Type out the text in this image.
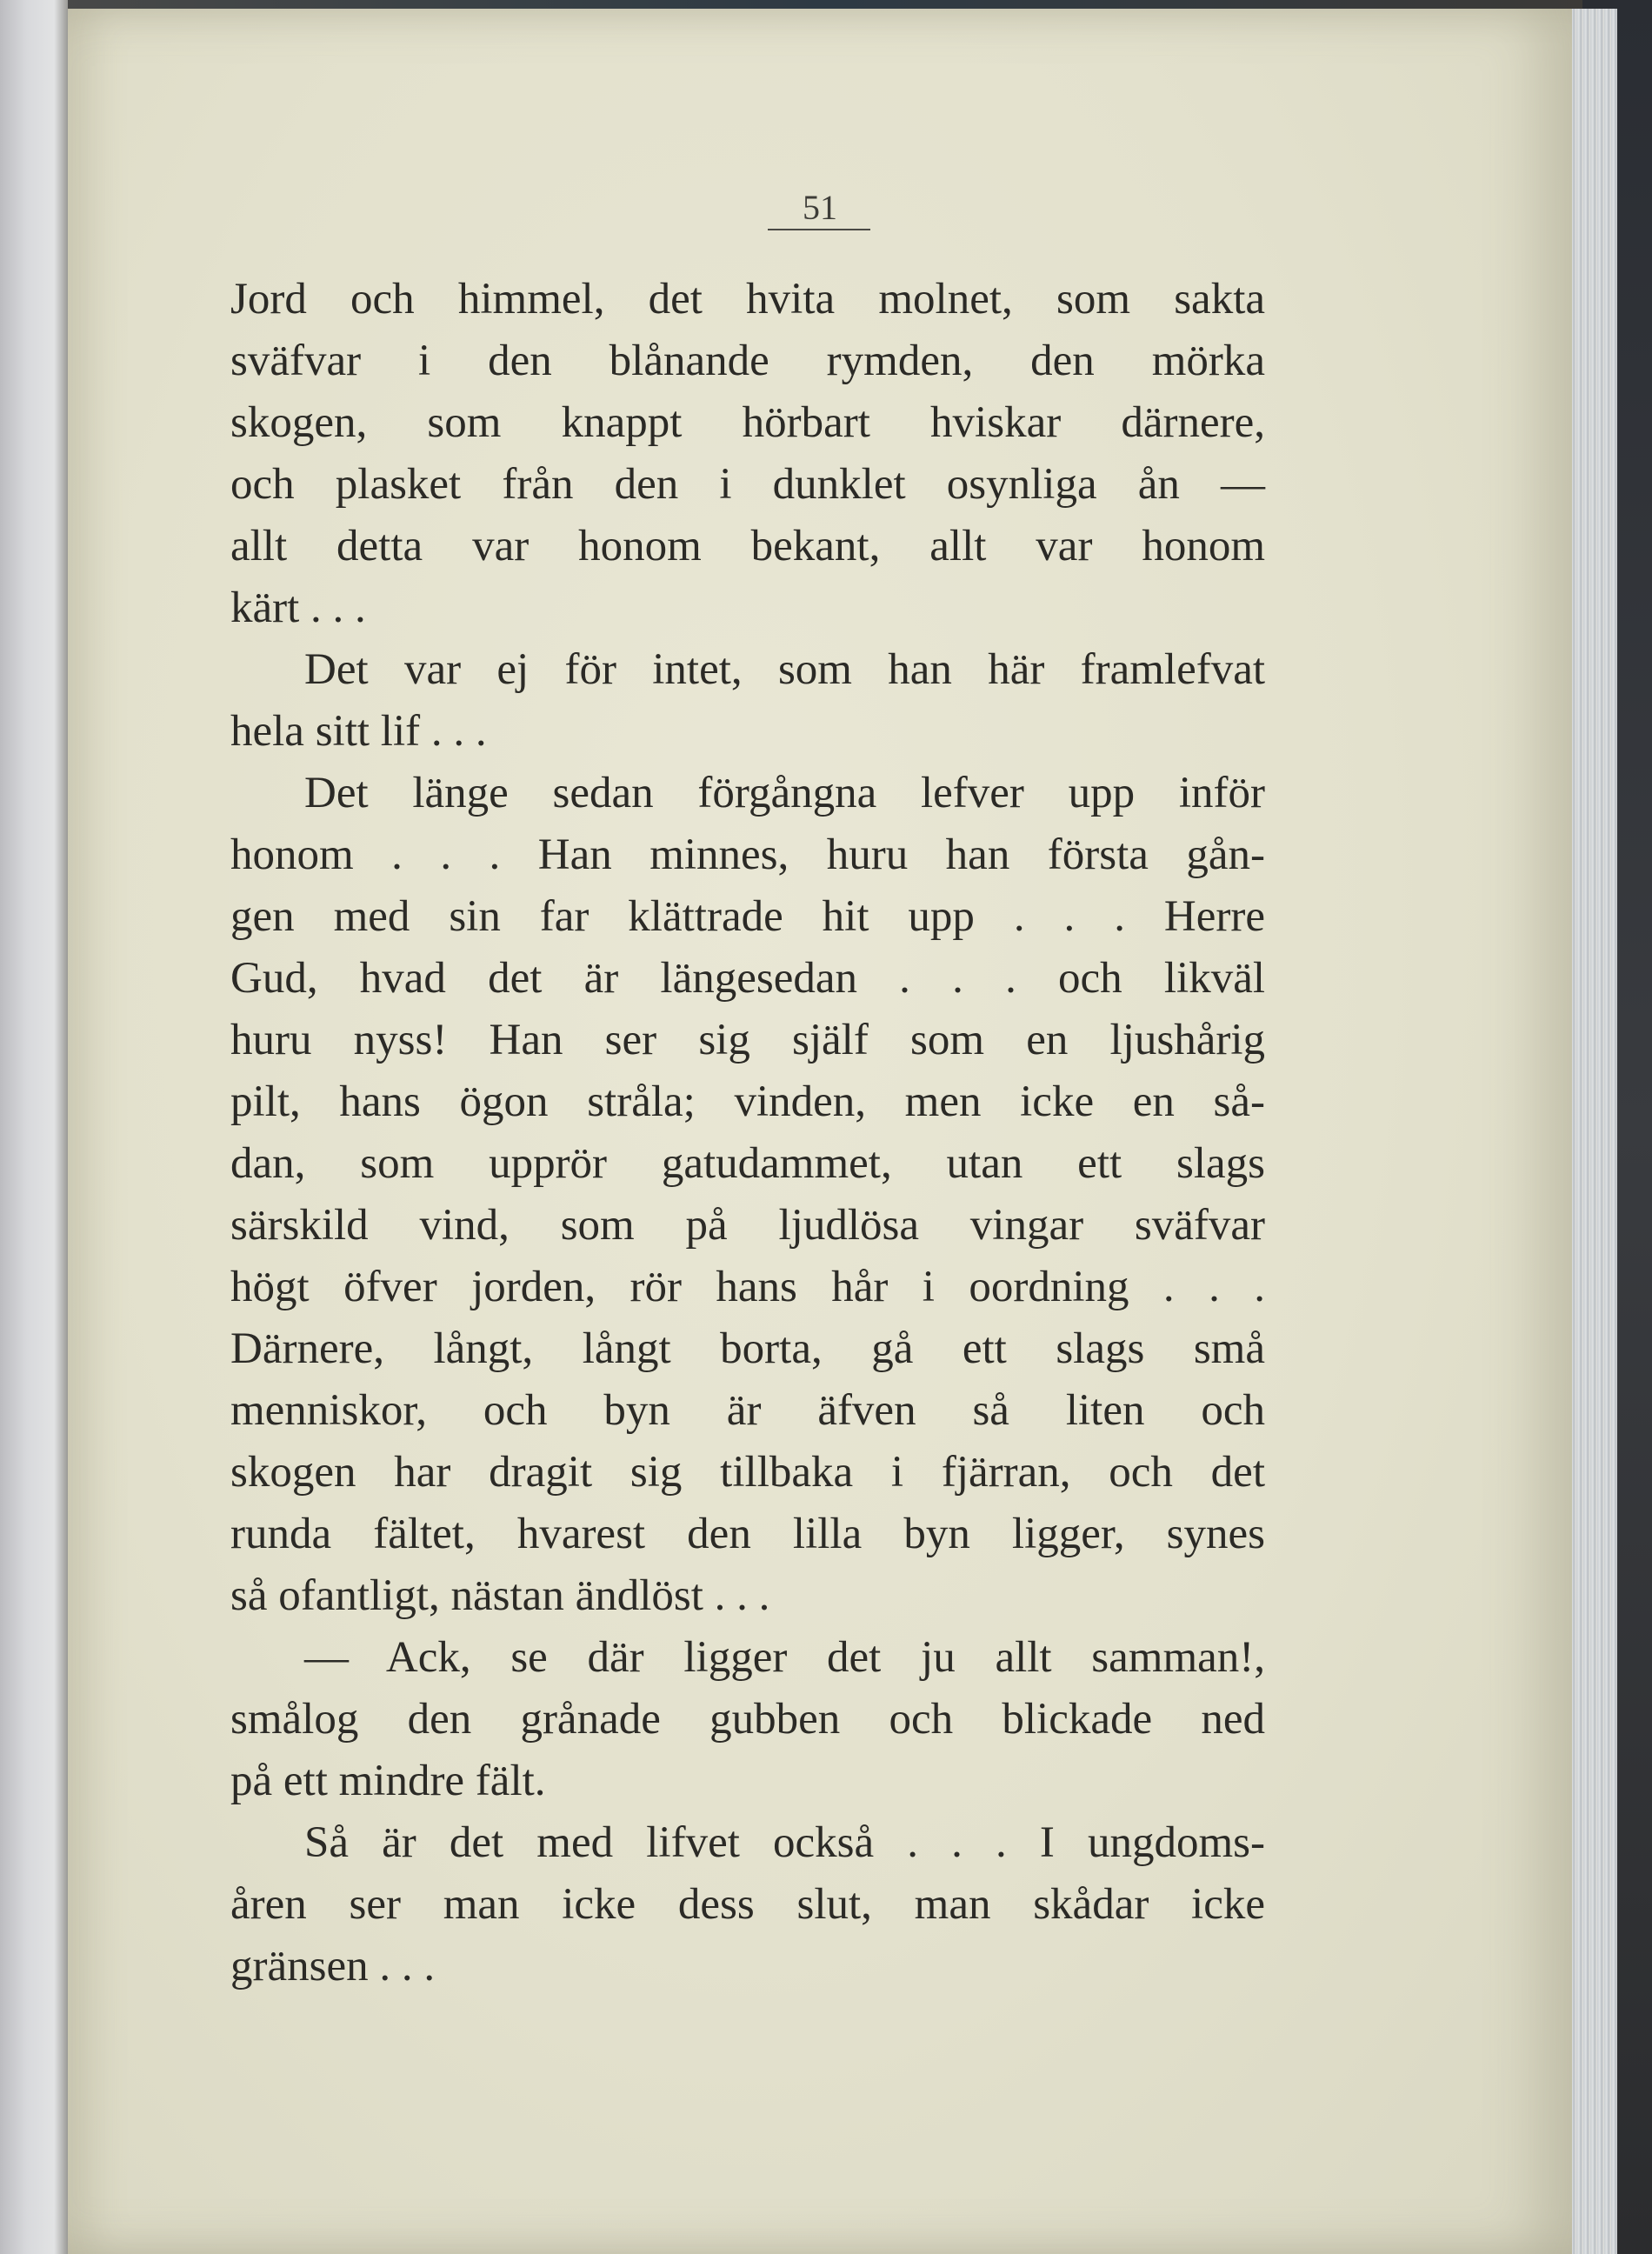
51
Jord och himmel, det hvita molnet, som sakta
sväfvar i den blånande rymden, den mörka
skogen, som knappt hörbart hviskar därnere,
och plasket från den i dunklet osynliga ån —
allt detta var honom bekant, allt var honom
kärt . . .
Det var ej för intet, som han här framlefvat
hela sitt lif . . .
Det länge sedan förgångna lefver upp inför
honom . . . Han minnes, huru han första gån-
gen med sin far klättrade hit upp . . . Herre
Gud, hvad det är längesedan . . . och likväl
huru nyss! Han ser sig själf som en ljushårig
pilt, hans ögon stråla; vinden, men icke en så-
dan, som upprör gatudammet, utan ett slags
särskild vind, som på ljudlösa vingar sväfvar
högt öfver jorden, rör hans hår i oordning . . .
Därnere, långt, långt borta, gå ett slags små
menniskor, och byn är äfven så liten och
skogen har dragit sig tillbaka i fjärran, och det
runda fältet, hvarest den lilla byn ligger, synes
så ofantligt, nästan ändlöst . . .
— Ack, se där ligger det ju allt samman!,
smålog den grånade gubben och blickade ned
på ett mindre fält.
Så är det med lifvet också . . . I ungdoms-
åren ser man icke dess slut, man skådar icke
gränsen . . .
